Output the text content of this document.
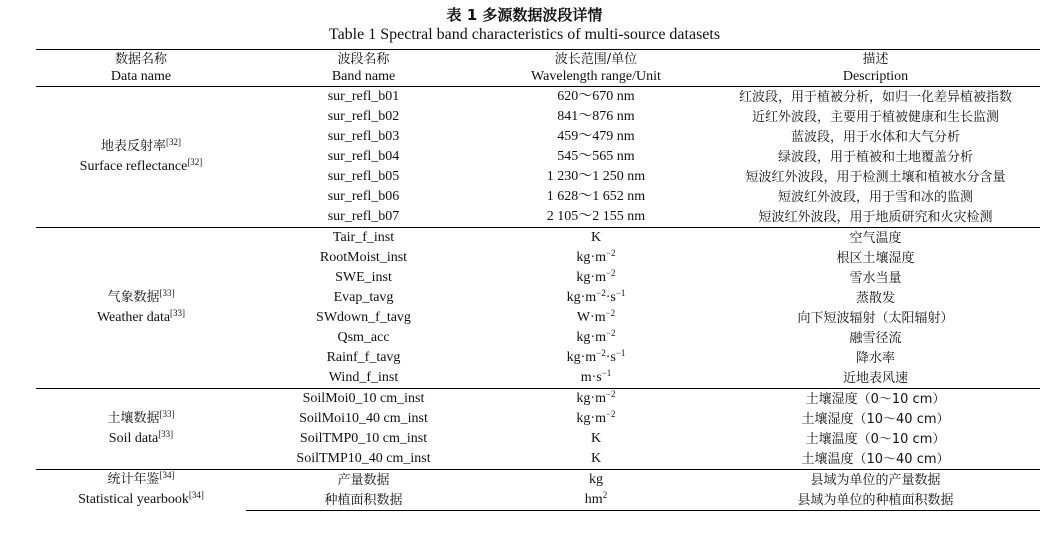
表 1 多源数据波段详情
Table 1 Spectral band characteristics of multi-source datasets
数据名称	波段名称	波长范围/单位	描述
Data name	Band name	Wavelength range/Unit	Description

地表反射率[32]
Surface reflectance[32]	sur_refl_b01	620～670 nm	红波段，用于植被分析，如归一化差异植被指数
	sur_refl_b02	841～876 nm	近红外波段，主要用于植被健康和生长监测
	sur_refl_b03	459～479 nm	蓝波段，用于水体和大气分析
	sur_refl_b04	545～565 nm	绿波段，用于植被和土地覆盖分析
	sur_refl_b05	1 230～1 250 nm	短波红外波段，用于检测土壤和植被水分含量
	sur_refl_b06	1 628～1 652 nm	短波红外波段，用于雪和冰的监测
	sur_refl_b07	2 105～2 155 nm	短波红外波段，用于地质研究和火灾检测

气象数据[33]
Weather data[33]	Tair_f_inst	K	空气温度
	RootMoist_inst	$kg\cdot m^{-2}$	根区土壤湿度
	SWE_inst	$kg\cdot m^{-2}$	雪水当量
	Evap_tavg	$kg\cdot m^{-2}\cdot s^{-1}$	蒸散发
	SWdown_f_tavg	$W\cdot m^{-2}$	向下短波辐射（太阳辐射）
	Qsm_acc	$kg\cdot m^{-2}$	融雪径流
	Rainf_f_tavg	$kg\cdot m^{-2}\cdot s^{-1}$	降水率
	Wind_f_inst	$m\cdot s^{-1}$	近地表风速

土壤数据[33]
Soil data[33]	SoilMoi0_10 cm_inst	$kg\cdot m^{-2}$	土壤湿度（0～10 cm）
	SoilMoi10_40 cm_inst	$kg\cdot m^{-2}$	土壤湿度（10～40 cm）
	SoilTMP0_10 cm_inst	K	土壤温度（0～10 cm）
	SoilTMP10_40 cm_inst	K	土壤温度（10～40 cm）

统计年鉴[34]
Statistical yearbook[34]	产量数据	kg	县域为单位的产量数据
	种植面积数据	$hm^2$	县域为单位的种植面积数据
